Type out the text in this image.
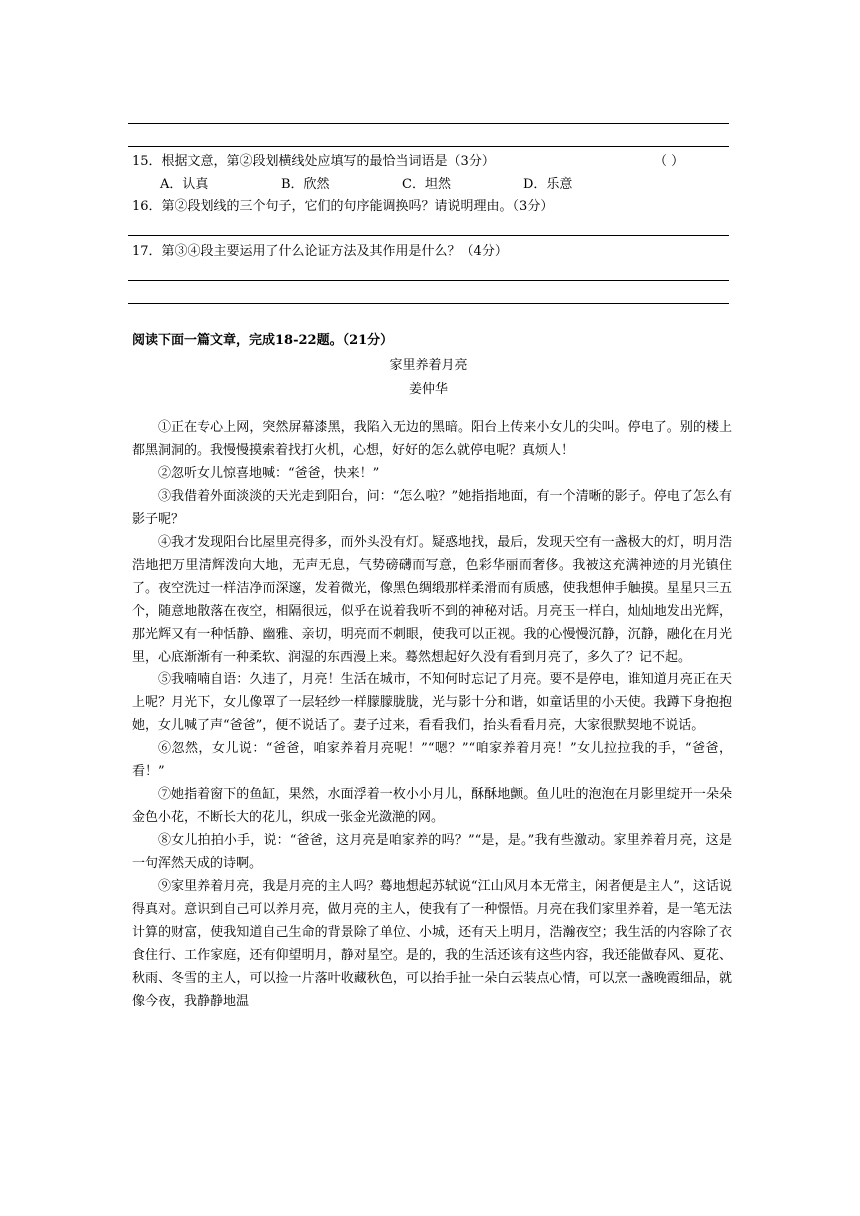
15．根据文意，第②段划横线处应填写的最恰当词语是（3分）	（ ）
A．认真	B．欣然	C．坦然	D．乐意
16．第②段划线的三个句子，它们的句序能调换吗？请说明理由。（3分）
17．第③④段主要运用了什么论证方法及其作用是什么？（4分）
阅读下面一篇文章，完成18-22题。（21分）
家里养着月亮
姜仲华

①正在专心上网，突然屏幕漆黑，我陷入无边的黑暗。阳台上传来小女儿的尖叫。停电了。别的楼上都黑洞洞的。我慢慢摸索着找打火机，心想，好好的怎么就停电呢？真烦人！

②忽听女儿惊喜地喊：“爸爸，快来！”

③我借着外面淡淡的天光走到阳台，问：“怎么啦？”她指指地面，有一个清晰的影子。停电了怎么有影子呢？

④我才发现阳台比屋里亮得多，而外头没有灯。疑惑地找，最后，发现天空有一盏极大的灯，明月浩浩地把万里清辉泼向大地，无声无息，气势磅礴而写意，色彩华丽而奢侈。我被这充满神迹的月光镇住了。夜空洗过一样洁净而深邃，发着微光，像黑色绸缎那样柔滑而有质感，使我想伸手触摸。星星只三五个，随意地散落在夜空，相隔很远，似乎在说着我听不到的神秘对话。月亮玉一样白，灿灿地发出光辉，那光辉又有一种恬静、幽雅、亲切，明亮而不刺眼，使我可以正视。我的心慢慢沉静，沉静，融化在月光里，心底渐渐有一种柔软、润湿的东西漫上来。蓦然想起好久没有看到月亮了，多久了？记不起。

⑤我喃喃自语：久违了，月亮！生活在城市，不知何时忘记了月亮。要不是停电，谁知道月亮正在天上呢？月光下，女儿像罩了一层轻纱一样朦朦胧胧，光与影十分和谐，如童话里的小天使。我蹲下身抱抱她，女儿喊了声“爸爸”，便不说话了。妻子过来，看看我们，抬头看看月亮，大家很默契地不说话。

⑥忽然，女儿说：“爸爸，咱家养着月亮呢！”“嗯？”“咱家养着月亮！”女儿拉拉我的手，“爸爸，看！”

⑦她指着窗下的鱼缸，果然，水面浮着一枚小小月儿，酥酥地颤。鱼儿吐的泡泡在月影里绽开一朵朵金色小花，不断长大的花儿，织成一张金光潋滟的网。

⑧女儿拍拍小手，说：“爸爸，这月亮是咱家养的吗？”“是，是。”我有些激动。家里养着月亮，这是一句浑然天成的诗啊。

⑨家里养着月亮，我是月亮的主人吗？蓦地想起苏轼说“江山风月本无常主，闲者便是主人”，这话说得真对。意识到自己可以养月亮，做月亮的主人，使我有了一种憬悟。月亮在我们家里养着，是一笔无法计算的财富，使我知道自己生命的背景除了单位、小城，还有天上明月，浩瀚夜空；我生活的内容除了衣食住行、工作家庭，还有仰望明月，静对星空。是的，我的生活还该有这些内容，我还能做春风、夏花、秋雨、冬雪的主人，可以捡一片落叶收藏秋色，可以抬手扯一朵白云装点心情，可以烹一盏晚霞细品，就像今夜，我静静地温
